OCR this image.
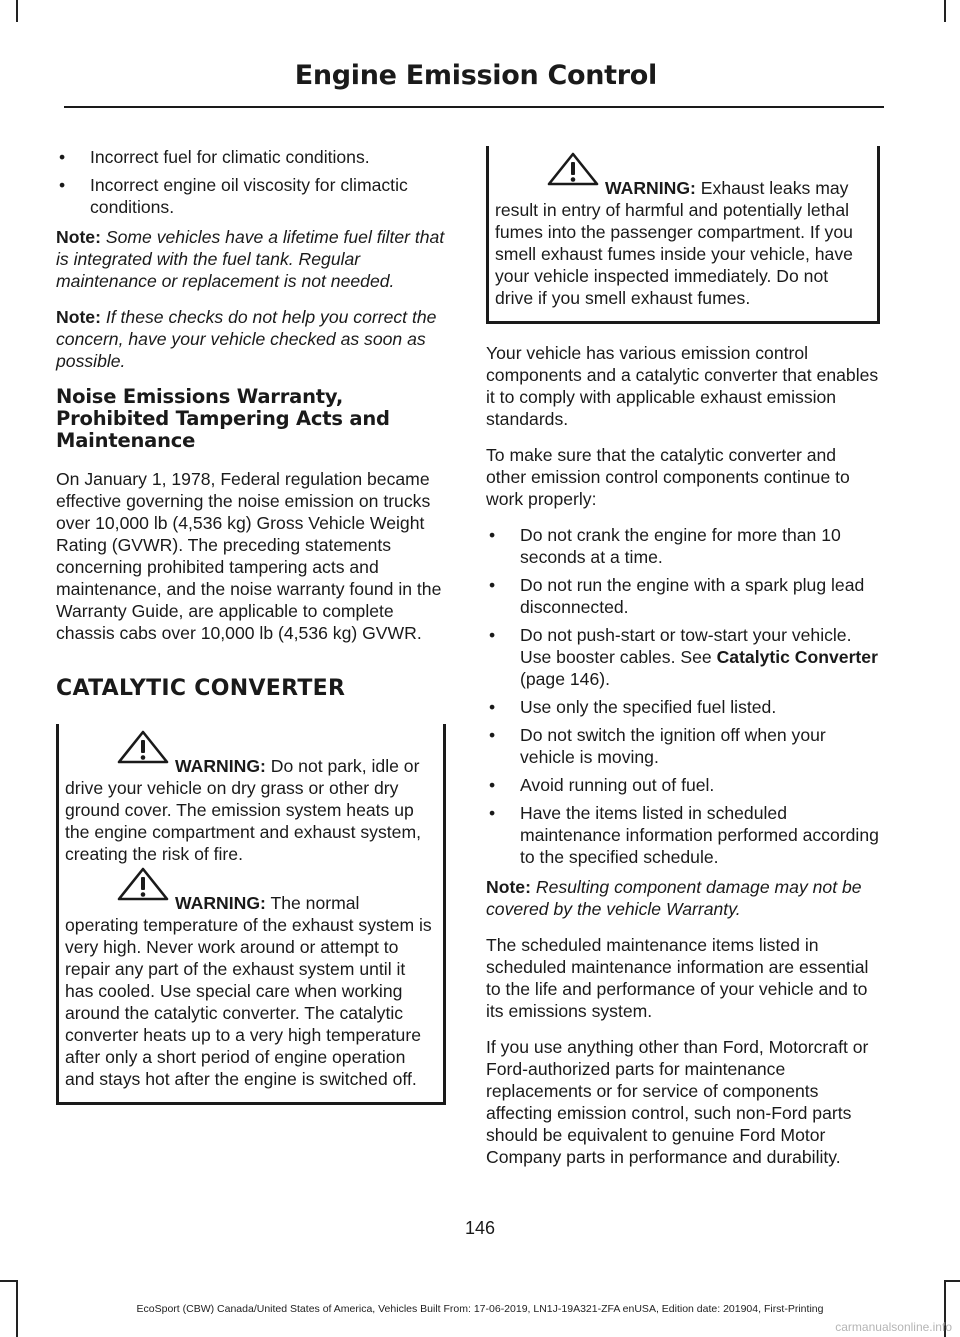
Engine Emission Control
• Incorrect fuel for climatic conditions.
• Incorrect engine oil viscosity for climactic conditions.

Note: Some vehicles have a lifetime fuel filter that is integrated with the fuel tank. Regular maintenance or replacement is not needed.

Note: If these checks do not help you correct the concern, have your vehicle checked as soon as possible.

Noise Emissions Warranty, Prohibited Tampering Acts and Maintenance

On January 1, 1978, Federal regulation became effective governing the noise emission on trucks over 10,000 lb (4,536 kg) Gross Vehicle Weight Rating (GVWR). The preceding statements concerning prohibited tampering acts and maintenance, and the noise warranty found in the Warranty Guide, are applicable to complete chassis cabs over 10,000 lb (4,536 kg) GVWR.

CATALYTIC CONVERTER
WARNING: Do not park, idle or drive your vehicle on dry grass or other dry ground cover. The emission system heats up the engine compartment and exhaust system, creating the risk of fire.
WARNING: The normal operating temperature of the exhaust system is very high. Never work around or attempt to repair any part of the exhaust system until it has cooled. Use special care when working around the catalytic converter. The catalytic converter heats up to a very high temperature after only a short period of engine operation and stays hot after the engine is switched off.
WARNING: Exhaust leaks may result in entry of harmful and potentially lethal fumes into the passenger compartment. If you smell exhaust fumes inside your vehicle, have your vehicle inspected immediately. Do not drive if you smell exhaust fumes.

Your vehicle has various emission control components and a catalytic converter that enables it to comply with applicable exhaust emission standards.

To make sure that the catalytic converter and other emission control components continue to work properly:

• Do not crank the engine for more than 10 seconds at a time.
• Do not run the engine with a spark plug lead disconnected.
• Do not push-start or tow-start your vehicle. Use booster cables. See Catalytic Converter (page 146).
• Use only the specified fuel listed.
• Do not switch the ignition off when your vehicle is moving.
• Avoid running out of fuel.
• Have the items listed in scheduled maintenance information performed according to the specified schedule.

Note: Resulting component damage may not be covered by the vehicle Warranty.

The scheduled maintenance items listed in scheduled maintenance information are essential to the life and performance of your vehicle and to its emissions system.

If you use anything other than Ford, Motorcraft or Ford-authorized parts for maintenance replacements or for service of components affecting emission control, such non-Ford parts should be equivalent to genuine Ford Motor Company parts in performance and durability.

146
EcoSport (CBW) Canada/United States of America, Vehicles Built From: 17-06-2019, LN1J-19A321-ZFA enUSA, Edition date: 201904, First-Printing
carmanualsonline.info
